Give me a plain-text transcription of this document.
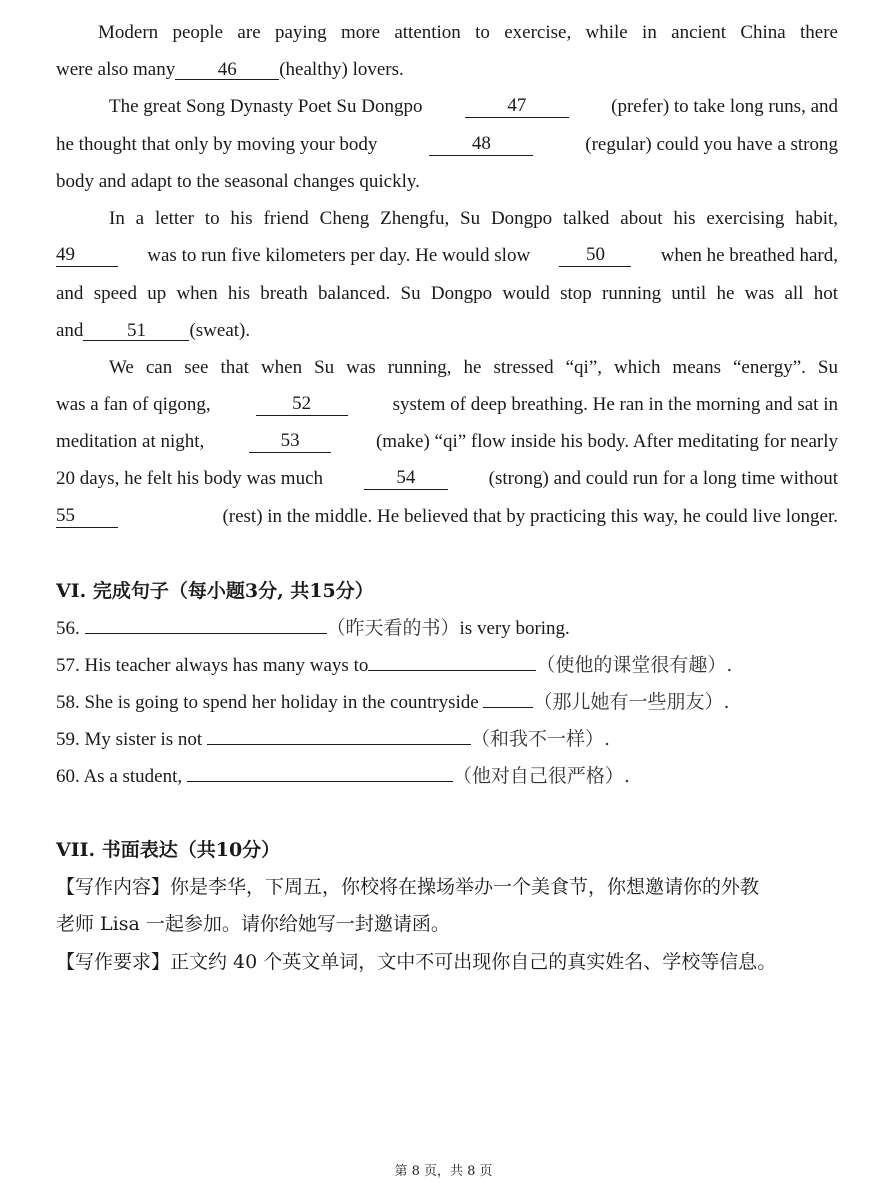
Modern people are paying more attention to exercise, while in ancient China there
were also many 46 (healthy) lovers.
The great Song Dynasty Poet Su Dongpo	47	(prefer) to take long runs, and
he thought that only by moving your body	48	(regular) could you have a strong
body and adapt to the seasonal changes quickly.
In a letter to his friend Cheng Zhengfu, Su Dongpo talked about his exercising habit,
49	was to run five kilometers per day. He would slow	50	when he breathed hard,
and speed up when his breath balanced. Su Dongpo would stop running until he was all hot
and 51 (sweat).
We can see that when Su was running, he stressed “qi”, which means “energy”. Su
was a fan of qigong,	52	system of deep breathing. He ran in the morning and sat in
meditation at night,	53	(make) “qi” flow inside his body. After meditating for nearly
20 days, he felt his body was much	54	(strong) and could run for a long time without
55	(rest) in the middle. He believed that by practicing this way, he could live longer.
VI. 完成句子（每小题3分, 共15分）
56.	（昨天看的书）is very boring.
57. His teacher always has many ways to	（使他的课堂很有趣）.
58. She is going to spend her holiday in the countryside	（那儿她有一些朋友）.
59. My sister is not	（和我不一样）.
60. As a student,	（他对自己很严格）.
VII. 书面表达（共10分）
【写作内容】你是李华，下周五，你校将在操场举办一个美食节，你想邀请你的外教
老师 Lisa 一起参加。请你给她写一封邀请函。
【写作要求】正文约 40 个英文单词，文中不可出现你自己的真实姓名、学校等信息。
第 8 页，共 8 页
